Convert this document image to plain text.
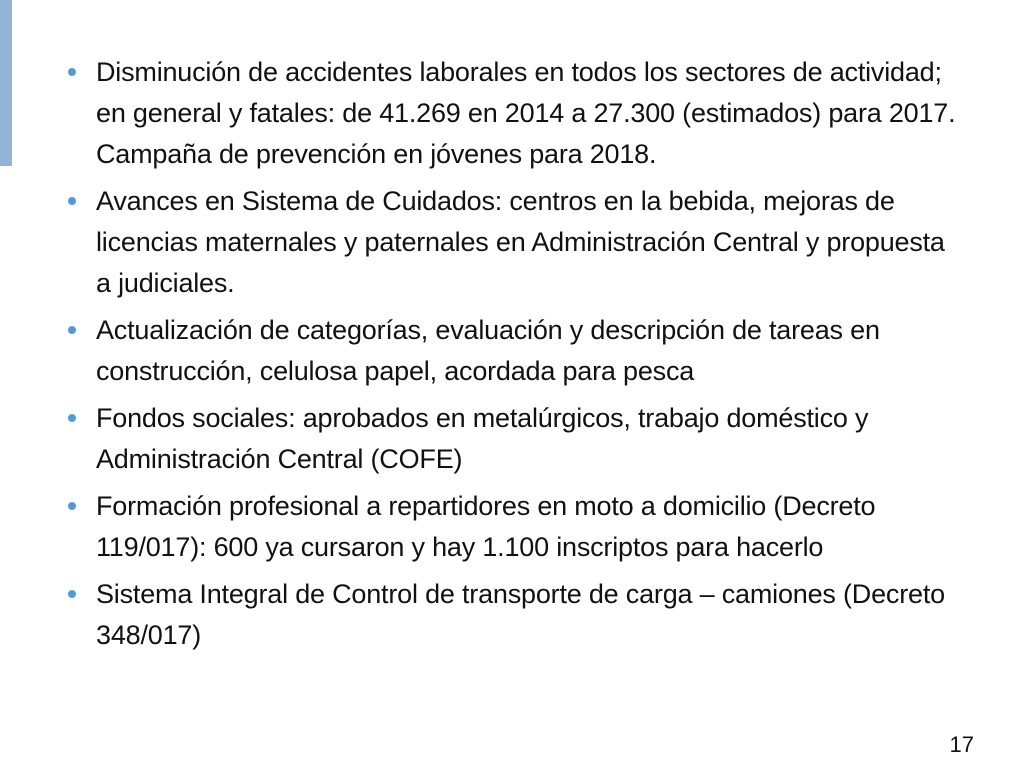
Disminución de accidentes laborales en todos los sectores de actividad; en general y fatales: de 41.269 en 2014 a 27.300 (estimados) para 2017. Campaña de prevención en jóvenes para 2018.
Avances en Sistema de Cuidados: centros en la bebida, mejoras de licencias maternales y paternales en Administración Central y propuesta a judiciales.
Actualización de categorías, evaluación y descripción de tareas en construcción, celulosa papel, acordada para pesca
Fondos sociales: aprobados en metalúrgicos, trabajo doméstico y Administración Central (COFE)
Formación profesional a repartidores en moto a domicilio (Decreto 119/017): 600 ya cursaron y hay 1.100 inscriptos para hacerlo
Sistema Integral de Control de transporte de carga – camiones (Decreto 348/017)
17
